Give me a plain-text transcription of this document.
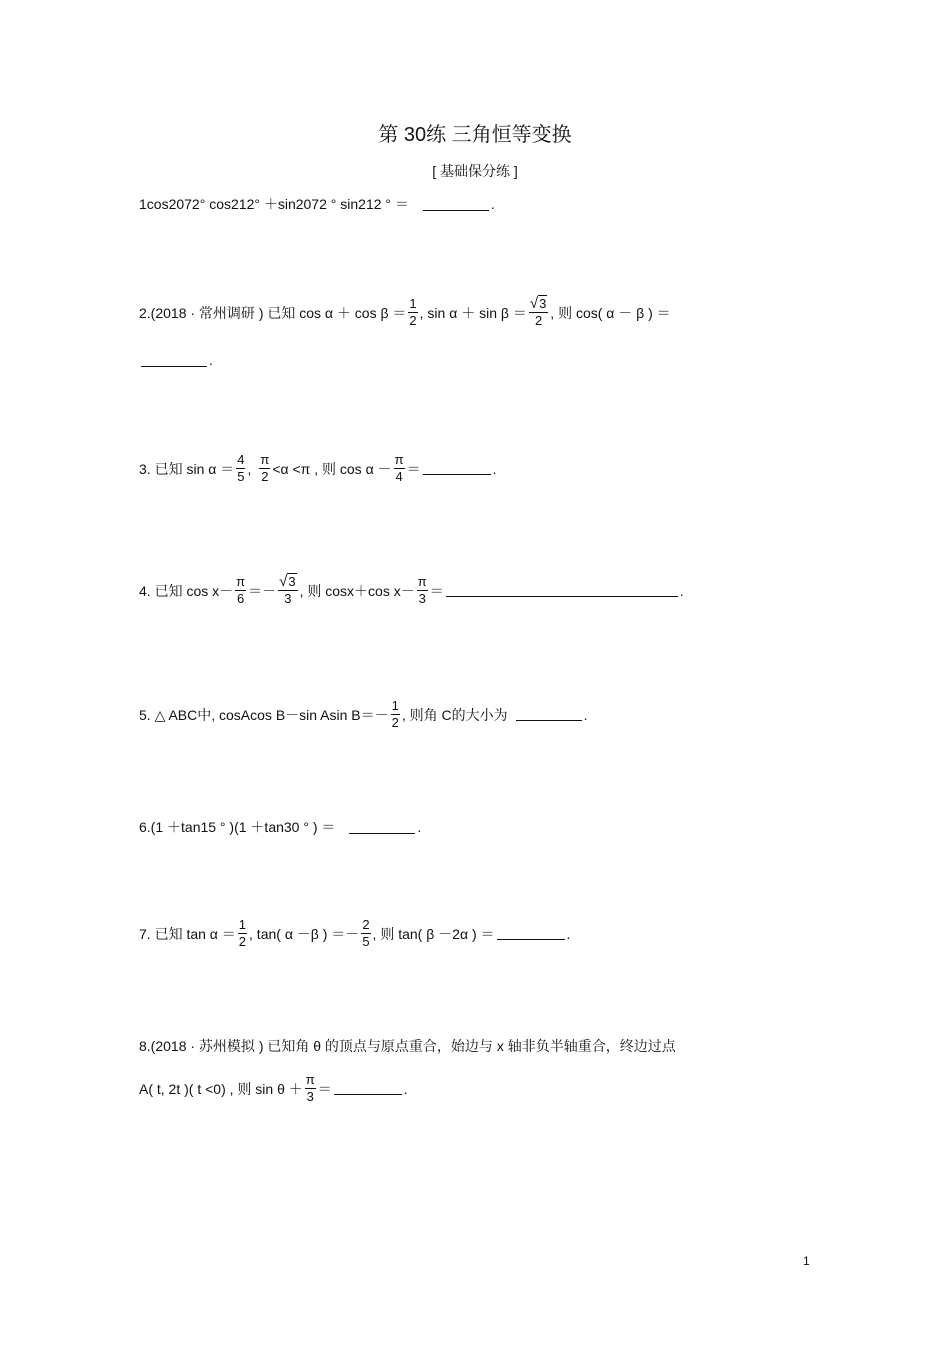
第 30练 三角恒等变换
[ 基础保分练 ]
1cos2072° cos212° ＋sin2072 ° sin212 ° ＝	.
2.(2018 · 常州调研 ) 已知 $\cos \alpha + \cos \beta = \frac{1}{2}$ , $\sin \alpha + \sin \beta = \frac{√3}{2}$ , 则 cos( α － β ) ＝
.
3. 已知 $\sin \alpha = \frac{4}{5}$ , $\frac{\pi}{2} <\alpha <\pi$ , 则 $\cos \alpha - \frac{\pi}{4}$ ＝	.
4. 已知 $\cos x- \frac{\pi}{6} =- \frac{√3}{3}$ , 则 cosx＋cos $x- \frac{\pi}{3}$ ＝	.
5. △ ABC中, cosAcos B－sin Asin $B=- \frac{1}{2}$ , 则角 C的大小为	.
6.(1 ＋tan15 ° )(1 ＋tan30 ° ) ＝	.
7. 已知 $\tan \alpha = \frac{1}{2}$ , tan( α －β ) ＝－ $\frac{2}{5}$ , 则 tan( β －2α ) ＝	.
8.(2018 · 苏州模拟 ) 已知角 θ 的顶点与原点重合，始边与 x 轴非负半轴重合，终边过点
A( t, 2t )( t <0) , 则 $\sin \theta + \frac{\pi}{3}$ ＝	.
1
